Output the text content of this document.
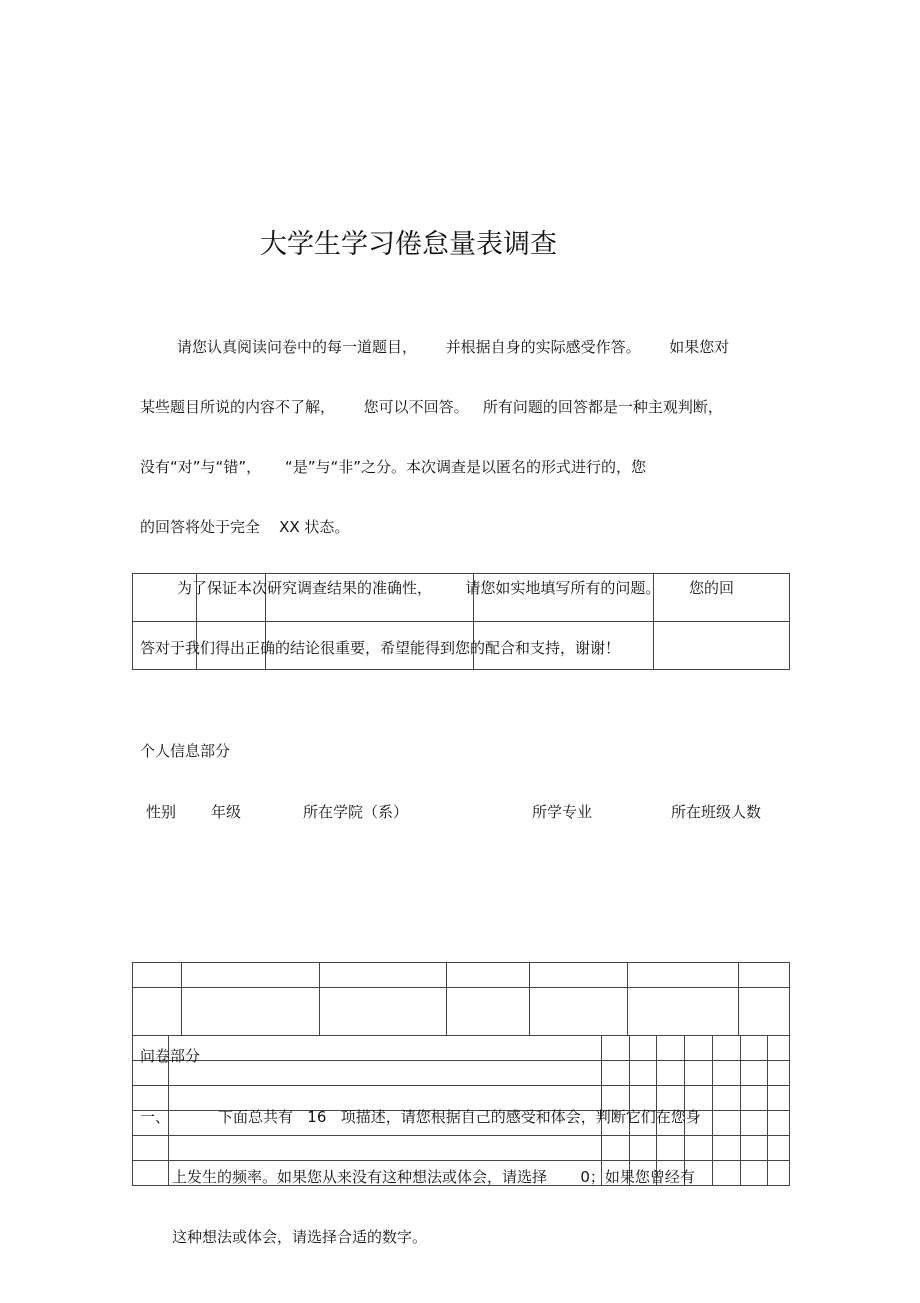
大学生学习倦怠量表调查
请您认真阅读问卷中的每一道题目，      并根据自身的实际感受作答。      如果您对
某些题目所说的内容不了解，      您可以不回答。   所有问题的回答都是一种主观判断，
没有“对”与“错”，     “是”与“非”之分。本次调查是以匿名的形式进行的，您
的回答将处于完全    XX 状态。
为了保证本次研究调查结果的准确性，       请您如实地填写所有的问题。      您的回
答对于我们得出正确的结论很重要，希望能得到您的配合和支持，谢谢！
个人信息部分
性别 年级	所在学院（系）	所学专业	所在班级人数
问卷部分
一、	下面总共有   16   项描述，请您根据自己的感受和体会，判断它们在您身
上发生的频率。如果您从来没有这种想法或体会，请选择       0；如果您曾经有
这种想法或体会，请选择合适的数字。
